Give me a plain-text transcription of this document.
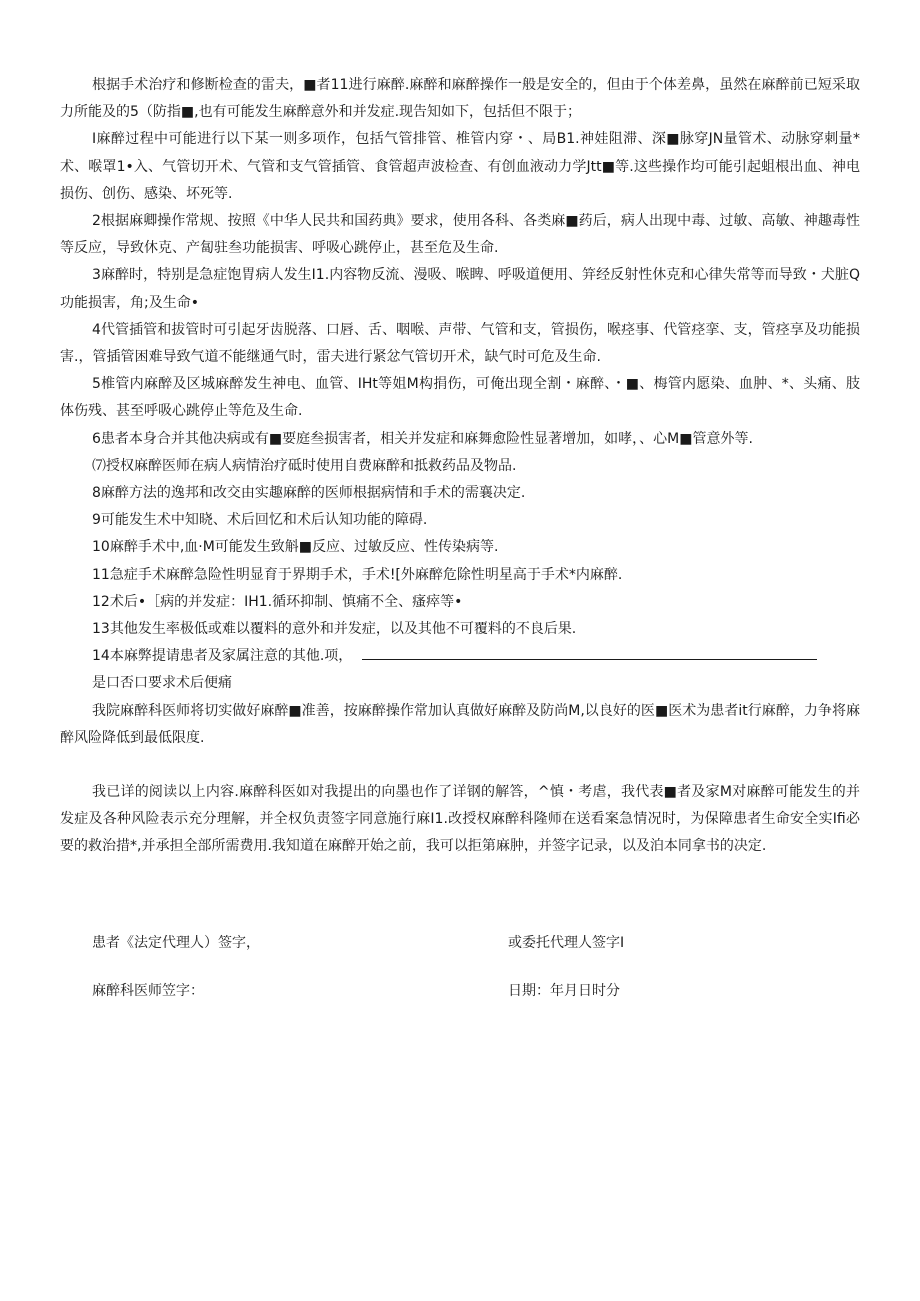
根据手术治疗和修断检查的雷夫，■者11进行麻醉.麻醉和麻醉操作一般是安全的，但由于个体差鼻，虽然在麻醉前已短采取力所能及的5（防指■,也有可能发生麻醉意外和并发症.现告知如下，包括但不限于；

I麻醉过程中可能进行以下某一则多项作，包括气管排管、椎管内穿・、局B1.神娃阻滞、深■脉穿JN量管术、动脉穿刺量*术、喉罩1•入、气管切开术、气管和支气管插管、食管超声波检查、有创血液动力学Jtt■等.这些操作均可能引起蛆根出血、神电损伤、创伤、感染、坏死等.

2根据麻卿操作常规、按照《中华人民共和国药典》要求，使用各科、各类麻■药后，病人出现中毒、过敏、高敏、神趣毒性等反应，导致休克、产匐驻叁功能损害、呼吸心跳停止，甚至危及生命.

3麻醉时，特别是急症饱胃病人发生I1.内容物反流、漫吸、喉睥、呼吸道便用、笄经反射性休克和心律失常等而导致・犬脏Q功能损害，角;及生命•

4代管插管和拔管时可引起牙齿脱落、口唇、舌、咽喉、声带、气管和支，管损伤，喉痉事、代管痉挛、支，管痉享及功能损害.，管插管困难导致气道不能继通气时，雷夫进行紧忿气管切开术，缺气时可危及生命.

5椎管内麻醉及区城麻醉发生神电、血管、IHt等姐M构捐伤，可俺出现全割・麻醉、・■、梅管内愿染、血肿、*、头痛、肢体伤残、甚至呼吸心跳停止等危及生命.

6患者本身合并其他决病或有■要庭叁损害者，相关并发症和麻舞愈险性显著增加，如哮，、心M■管意外等.

⑺授权麻醉医师在病人病情治疗砥时使用自费麻醉和抵救药品及物品.

8麻醉方法的逸邦和改交由实趣麻醉的医师根据病情和手术的需襄决定.

9可能发生术中知晓、术后回忆和术后认知功能的障碍.

10麻醉手术中,血·M可能发生致斛■反应、过敏反应、性传染病等.

11急症手术麻醉急险性明显育于界期手术，手术![外麻醉危除性明星高于手术*内麻醉.

12术后•［病的并发症：IH1.循环抑制、慎痛不全、瘙瘁等•

13其他发生率极低或难以覆料的意外和并发症，以及其他不可覆料的不良后果.

14本麻弊提请患者及家属注意的其他.项，

是口否口要求术后便痛

我院麻醉科医师将切实做好麻醉■准善，按麻醉操作常加认真做好麻醉及防尚M,以良好的医■医术为患者it行麻醉，力争将麻醉风险降低到最低限度.

我已详的阅读以上内容.麻醉科医如对我提出的向墨也作了详钢的解答，^慎・考虐，我代表■者及家M对麻醉可能发生的并发症及各种风险表示充分理解，并全权负责签字同意施行麻I1.改授权麻醉科隆师在送看案急情况时，为保障患者生命安全实Ifi必要的救治措*,并承担全部所需费用.我知道在麻醉开始之前，我可以拒第麻肿，并签字记录，以及泊本同拿书的决定.

患者《法定代理人）签字，	或委托代理人签字I
麻醉科医师笠字：	日期：年月日时分
